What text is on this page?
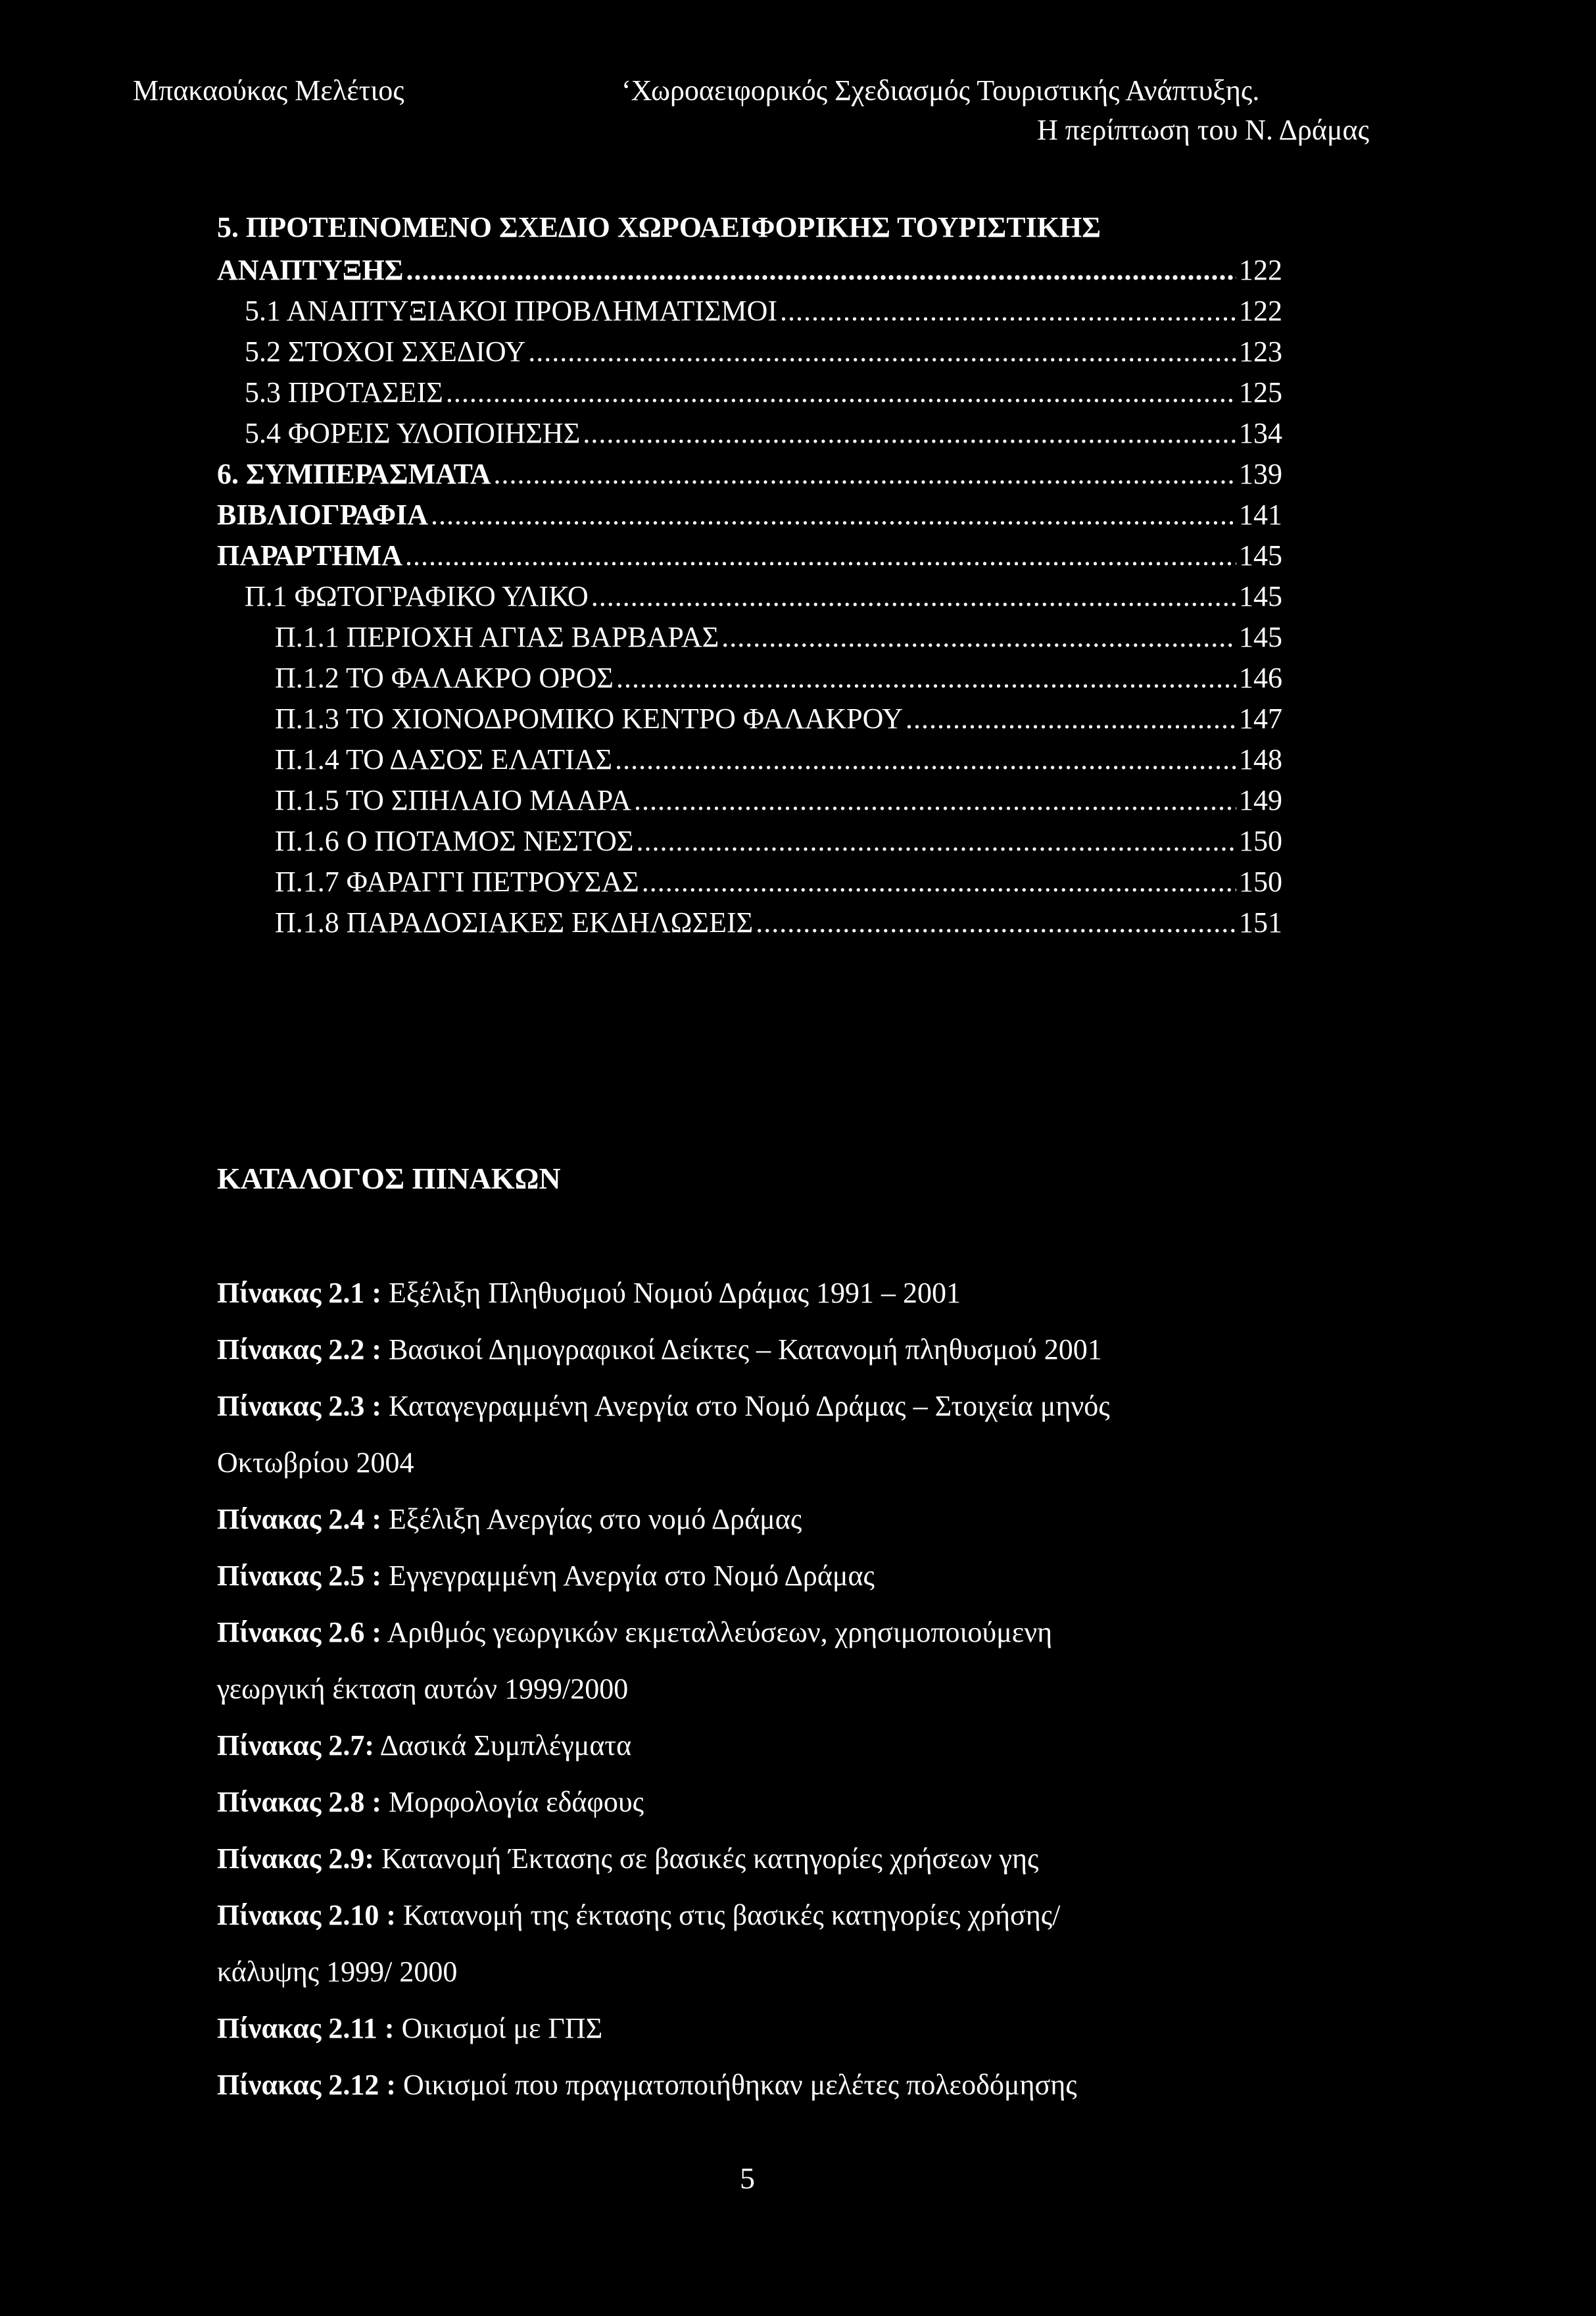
Μπακαούκας Μελέτιος	‘Χωροαειφορικός Σχεδιασμός Τουριστικής Ανάπτυξης.
Η περίπτωση του Ν. Δράμας
5. ΠΡΟΤΕΙΝΟΜΕΝΟ ΣΧΕΔΙΟ ΧΩΡΟΑΕΙΦΟΡΙΚΗΣ ΤΟΥΡΙΣΤΙΚΗΣ
ΑΝΑΠΤΥΞΗΣ .....	122
5.1 ΑΝΑΠΤΥΞΙΑΚΟΙ ΠΡΟΒΛΗΜΑΤΙΣΜΟΙ .....	122
5.2 ΣΤΟΧΟΙ ΣΧΕΔΙΟΥ .....	123
5.3 ΠΡΟΤΑΣΕΙΣ .....	125
5.4 ΦΟΡΕΙΣ ΥΛΟΠΟΙΗΣΗΣ .....	134
6. ΣΥΜΠΕΡΑΣΜΑΤΑ .....	139
ΒΙΒΛΙΟΓΡΑΦΙΑ .....	141
ΠΑΡΑΡΤΗΜΑ .....	145
Π.1 ΦΩΤΟΓΡΑΦΙΚΟ ΥΛΙΚΟ .....	145
Π.1.1 ΠΕΡΙΟΧΗ ΑΓΙΑΣ ΒΑΡΒΑΡΑΣ .....	145
Π.1.2 ΤΟ ΦΑΛΑΚΡΟ ΟΡΟΣ .....	146
Π.1.3 ΤΟ ΧΙΟΝΟΔΡΟΜΙΚΟ ΚΕΝΤΡΟ ΦΑΛΑΚΡΟΥ .....	147
Π.1.4 ΤΟ ΔΑΣΟΣ ΕΛΑΤΙΑΣ .....	148
Π.1.5 ΤΟ ΣΠΗΛΑΙΟ ΜΑΑΡΑ .....	149
Π.1.6 Ο ΠΟΤΑΜΟΣ ΝΕΣΤΟΣ .....	150
Π.1.7 ΦΑΡΑΓΓΙ ΠΕΤΡΟΥΣΑΣ .....	150
Π.1.8 ΠΑΡΑΔΟΣΙΑΚΕΣ ΕΚΔΗΛΩΣΕΙΣ .....	151
ΚΑΤΑΛΟΓΟΣ ΠΙΝΑΚΩΝ
Πίνακας 2.1 : Εξέλιξη Πληθυσμού Νομού Δράμας 1991 – 2001
Πίνακας 2.2 : Βασικοί Δημογραφικοί Δείκτες – Κατανομή πληθυσμού 2001
Πίνακας 2.3 : Καταγεγραμμένη Ανεργία στο Νομό Δράμας – Στοιχεία μηνός
Οκτωβρίου 2004
Πίνακας 2.4 : Εξέλιξη Ανεργίας στο νομό Δράμας
Πίνακας 2.5 : Εγγεγραμμένη Ανεργία στο Νομό Δράμας
Πίνακας 2.6 : Αριθμός γεωργικών εκμεταλλεύσεων, χρησιμοποιούμενη
γεωργική έκταση αυτών 1999/2000
Πίνακας 2.7: Δασικά Συμπλέγματα
Πίνακας 2.8 : Μορφολογία εδάφους
Πίνακας 2.9: Κατανομή Έκτασης σε βασικές κατηγορίες χρήσεων γης
Πίνακας 2.10 : Κατανομή της έκτασης στις βασικές κατηγορίες χρήσης/
κάλυψης 1999/ 2000
Πίνακας 2.11 : Οικισμοί με ΓΠΣ
Πίνακας 2.12 : Οικισμοί που πραγματοποιήθηκαν μελέτες πολεοδόμησης
5
